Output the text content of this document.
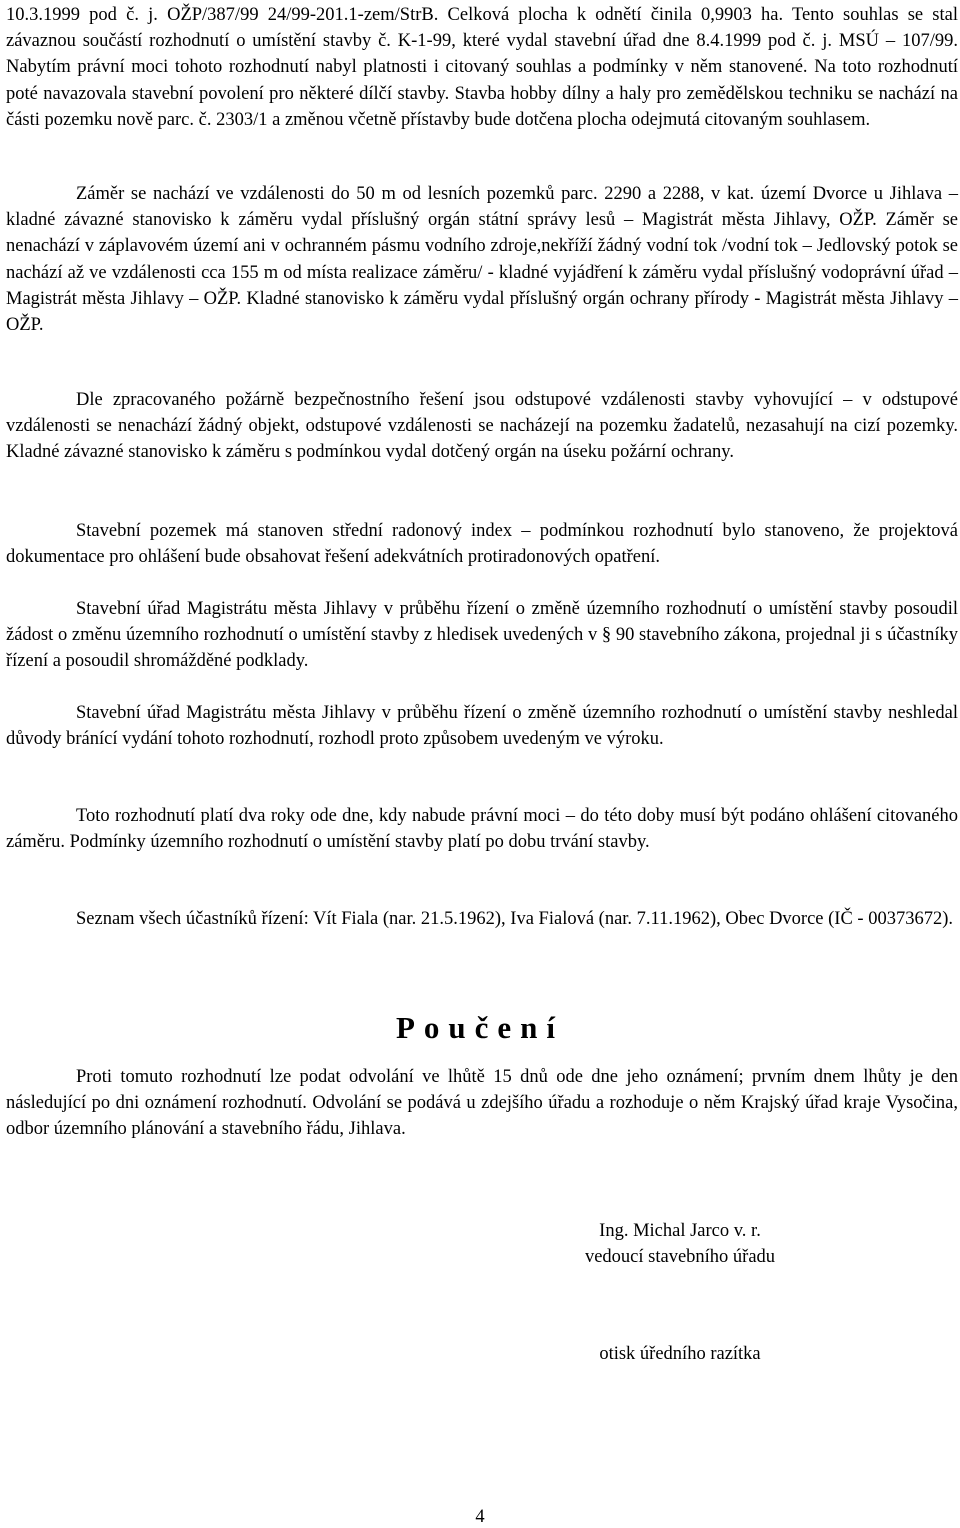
10.3.1999 pod č. j. OŽP/387/99 24/99-201.1-zem/StrB. Celková plocha k odnětí činila 0,9903 ha. Tento souhlas se stal závaznou součástí rozhodnutí o umístění stavby č. K-1-99, které vydal stavební úřad dne 8.4.1999 pod č. j. MSÚ – 107/99. Nabytím právní moci tohoto rozhodnutí nabyl platnosti i citovaný souhlas a podmínky v něm stanovené. Na toto rozhodnutí poté navazovala stavební povolení pro některé dílčí stavby. Stavba hobby dílny a haly pro zemědělskou techniku se nachází na části pozemku nově parc. č. 2303/1 a změnou včetně přístavby bude dotčena plocha odejmutá citovaným souhlasem.

Záměr se nachází ve vzdálenosti do 50 m od lesních pozemků parc. 2290 a 2288, v kat. území Dvorce u Jihlava – kladné závazné stanovisko k záměru vydal příslušný orgán státní správy lesů – Magistrát města Jihlavy, OŽP. Záměr se nenachází v záplavovém území ani v ochranném pásmu vodního zdroje,nekříží žádný vodní tok /vodní tok – Jedlovský potok se nachází až ve vzdálenosti cca 155 m od místa realizace záměru/ - kladné vyjádření k záměru vydal příslušný vodoprávní úřad – Magistrát města Jihlavy – OŽP. Kladné stanovisko k záměru vydal příslušný orgán ochrany přírody - Magistrát města Jihlavy – OŽP.

Dle zpracovaného požárně bezpečnostního řešení jsou odstupové vzdálenosti stavby vyhovující – v odstupové vzdálenosti se nenachází žádný objekt, odstupové vzdálenosti se nacházejí na pozemku žadatelů, nezasahují na cizí pozemky. Kladné závazné stanovisko k záměru s podmínkou vydal dotčený orgán na úseku požární ochrany.

Stavební pozemek má stanoven střední radonový index – podmínkou rozhodnutí bylo stanoveno, že projektová dokumentace pro ohlášení bude obsahovat řešení adekvátních protiradonových opatření.

Stavební úřad Magistrátu města Jihlavy v průběhu řízení o změně územního rozhodnutí o umístění stavby posoudil žádost o změnu územního rozhodnutí o umístění stavby z hledisek uvedených v § 90 stavebního zákona, projednal ji s účastníky řízení a posoudil shromážděné podklady.

Stavební úřad Magistrátu města Jihlavy v průběhu řízení o změně územního rozhodnutí o umístění stavby neshledal důvody bránící vydání tohoto rozhodnutí, rozhodl proto způsobem uvedeným ve výroku.

Toto rozhodnutí platí dva roky ode dne, kdy nabude právní moci – do této doby musí být podáno ohlášení citovaného záměru. Podmínky územního rozhodnutí o umístění stavby platí po dobu trvání stavby.

Seznam všech účastníků řízení: Vít Fiala (nar. 21.5.1962), Iva Fialová (nar. 7.11.1962), Obec Dvorce (IČ - 00373672).

Poučení

Proti tomuto rozhodnutí lze podat odvolání ve lhůtě 15 dnů ode dne jeho oznámení; prvním dnem lhůty je den následující po dni oznámení rozhodnutí. Odvolání se podává u zdejšího úřadu a rozhoduje o něm Krajský úřad kraje Vysočina, odbor územního plánování a stavebního řádu, Jihlava.

Ing. Michal Jarco v. r.
vedoucí stavebního úřadu
otisk úředního razítka
4
